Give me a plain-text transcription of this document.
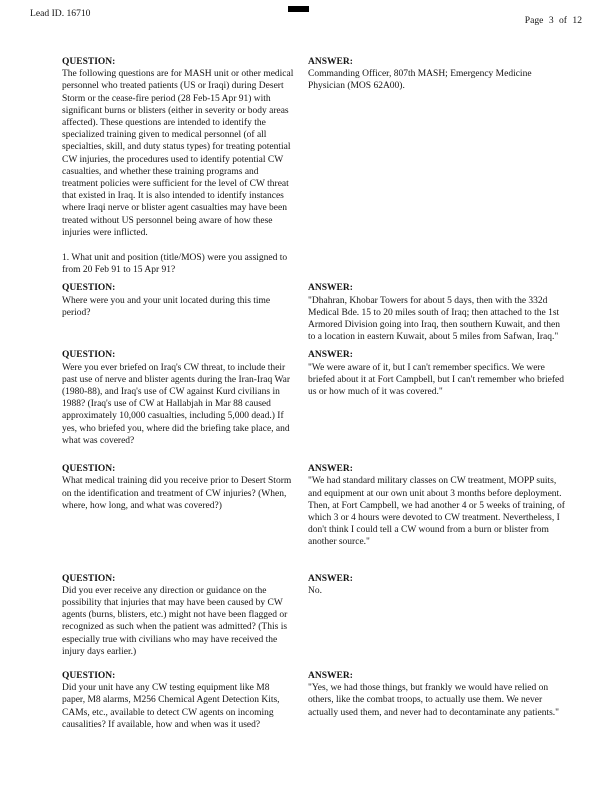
Lead ID. 16710
Page 3 of 12

QUESTION:

The following questions are for MASH unit or other medical personnel who treated patients (US or Iraqi) during Desert Storm or the cease-fire period (28 Feb-15 Apr 91) with significant burns or blisters (either in severity or body areas affected). These questions are intended to identify the specialized training given to medical personnel (of all specialties, skill, and duty status types) for treating potential CW injuries, the procedures used to identify potential CW casualties, and whether these training programs and treatment policies were sufficient for the level of CW threat that existed in Iraq. It is also intended to identify instances where Iraqi nerve or blister agent casualties may have been treated without US personnel being aware of how these injuries were inflicted.

1. What unit and position (title/MOS) were you assigned to from 20 Feb 91 to 15 Apr 91?

ANSWER:

Commanding Officer, 807th MASH; Emergency Medicine Physician (MOS 62A00).

QUESTION:

Where were you and your unit located during this time period?

ANSWER:

"Dhahran, Khobar Towers for about 5 days, then with the 332d Medical Bde. 15 to 20 miles south of Iraq; then attached to the 1st Armored Division going into Iraq, then southern Kuwait, and then to a location in eastern Kuwait, about 5 miles from Safwan, Iraq."

QUESTION:

Were you ever briefed on Iraq's CW threat, to include their past use of nerve and blister agents during the Iran-Iraq War (1980-88), and Iraq's use of CW against Kurd civilians in 1988? (Iraq's use of CW at Hallabjah in Mar 88 caused approximately 10,000 casualties, including 5,000 dead.) If yes, who briefed you, where did the briefing take place, and what was covered?

ANSWER:

"We were aware of it, but I can't remember specifics. We were briefed about it at Fort Campbell, but I can't remember who briefed us or how much of it was covered."

QUESTION:

What medical training did you receive prior to Desert Storm on the identification and treatment of CW injuries? (When, where, how long, and what was covered?)

ANSWER:

"We had standard military classes on CW treatment, MOPP suits, and equipment at our own unit about 3 months before deployment. Then, at Fort Campbell, we had another 4 or 5 weeks of training, of which 3 or 4 hours were devoted to CW treatment. Nevertheless, I don't think I could tell a CW wound from a burn or blister from another source."

QUESTION:

Did you ever receive any direction or guidance on the possibility that injuries that may have been caused by CW agents (burns, blisters, etc.) might not have been flagged or recognized as such when the patient was admitted? (This is especially true with civilians who may have received the injury days earlier.)

ANSWER:

No.

QUESTION:

Did your unit have any CW testing equipment like M8 paper, M8 alarms, M256 Chemical Agent Detection Kits, CAMs, etc., available to detect CW agents on incoming causalities? If available, how and when was it used?

ANSWER:

"Yes, we had those things, but frankly we would have relied on others, like the combat troops, to actually use them. We never actually used them, and never had to decontaminate any patients."
